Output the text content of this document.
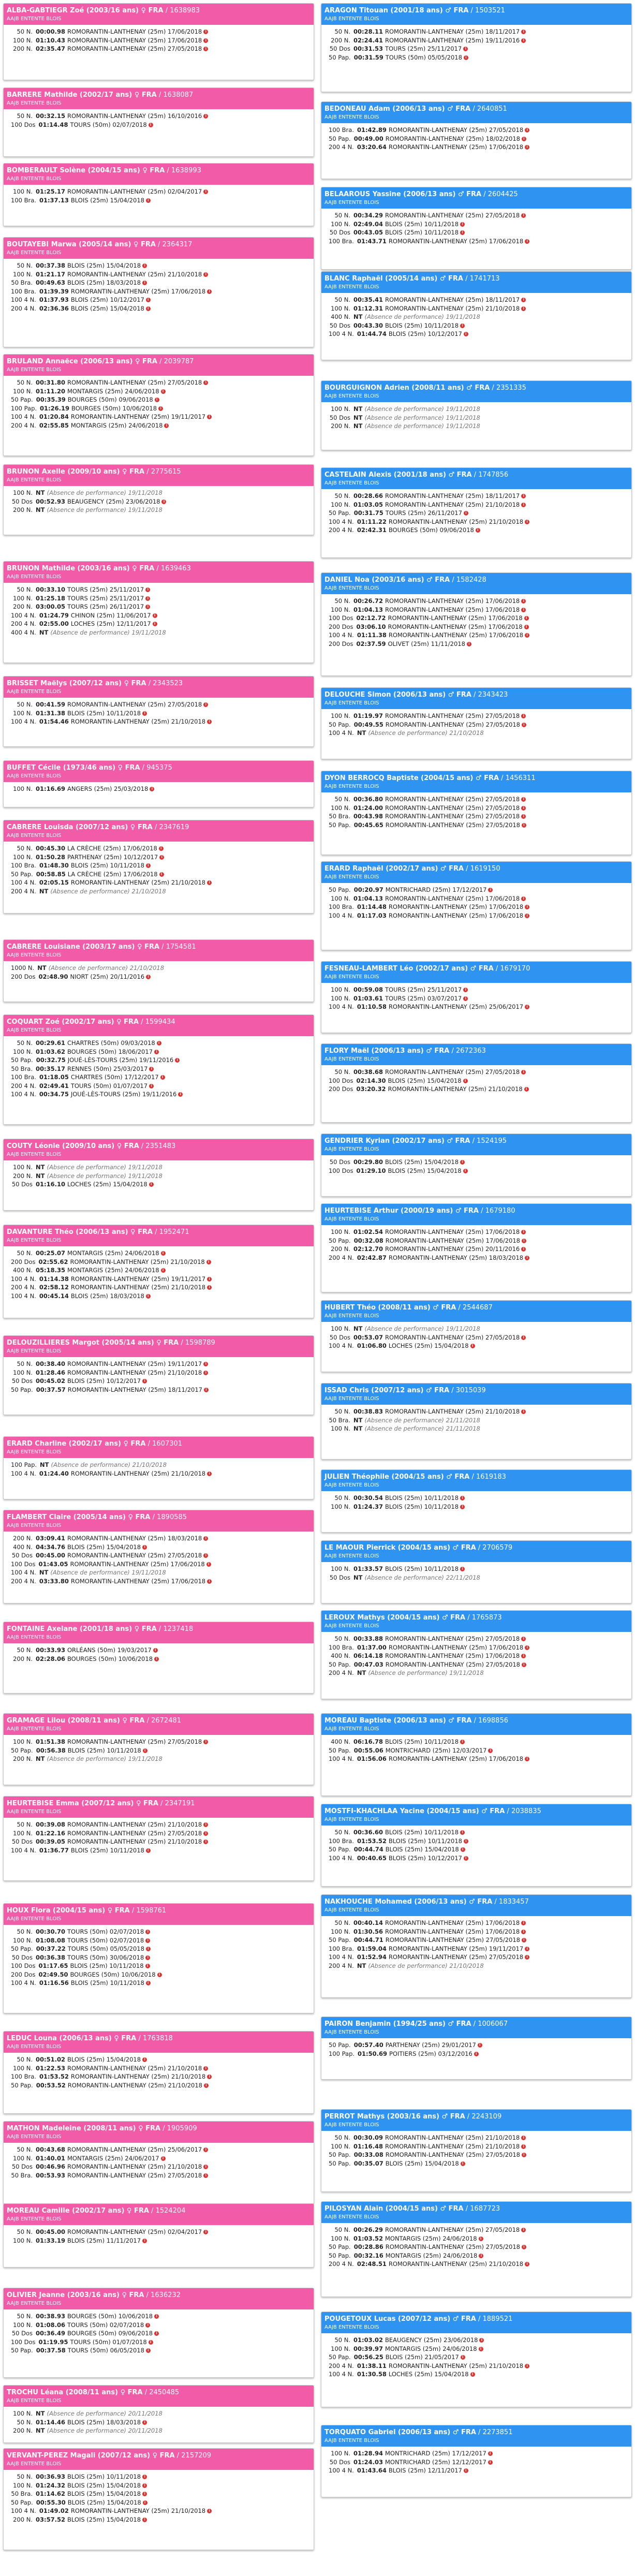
ALBA-GABTIEGR Zoé (2003/16 ans) ♀ FRA / 1638983
AAJB ENTENTE BLOIS
50 N. 00:00.98 ROMORANTIN-LANTHENAY (25m) 17/06/2018 i
100 N. 01:10.43 ROMORANTIN-LANTHENAY (25m) 17/06/2018 i
200 N. 02:35.47 ROMORANTIN-LANTHENAY (25m) 27/05/2018 i
BARRERE Mathilde (2002/17 ans) ♀ FRA / 1638087
AAJB ENTENTE BLOIS
50 N. 00:32.15 ROMORANTIN-LANTHENAY (25m) 16/10/2016 i
100 Dos 01:14.48 TOURS (50m) 02/07/2018 i
BOMBERAULT Solène (2004/15 ans) ♀ FRA / 1638993
AAJB ENTENTE BLOIS
100 N. 01:25.17 ROMORANTIN-LANTHENAY (25m) 02/04/2017 i
100 Bra. 01:37.13 BLOIS (25m) 15/04/2018 i
BOUTAYEBI Marwa (2005/14 ans) ♀ FRA / 2364317
AAJB ENTENTE BLOIS
50 N. 00:37.38 BLOIS (25m) 15/04/2018 i
100 N. 01:21.17 ROMORANTIN-LANTHENAY (25m) 21/10/2018 i
50 Bra. 00:49.63 BLOIS (25m) 18/03/2018 i
100 Bra. 01:39.39 ROMORANTIN-LANTHENAY (25m) 17/06/2018 i
100 4 N. 01:37.93 BLOIS (25m) 10/12/2017 i
200 4 N. 02:36.36 BLOIS (25m) 15/04/2018 i
BRULAND Annaëce (2006/13 ans) ♀ FRA / 2039787
AAJB ENTENTE BLOIS
50 N. 00:31.80 ROMORANTIN-LANTHENAY (25m) 27/05/2018 i
100 N. 01:11.20 MONTARGIS (25m) 24/06/2018 i
50 Pap. 00:35.39 BOURGES (50m) 09/06/2018 i
100 Pap. 01:26.19 BOURGES (50m) 10/06/2018 i
100 4 N. 01:20.84 ROMORANTIN-LANTHENAY (25m) 19/11/2017 i
200 4 N. 02:55.85 MONTARGIS (25m) 24/06/2018 i
BRUNON Axelle (2009/10 ans) ♀ FRA / 2775615
AAJB ENTENTE BLOIS
100 N. NT (Absence de performance) 19/11/2018
50 Dos 00:52.93 BEAUGENCY (25m) 23/06/2018 i
200 N. NT (Absence de performance) 19/11/2018
BRUNON Mathilde (2003/16 ans) ♀ FRA / 1639463
AAJB ENTENTE BLOIS
50 N. 00:33.10 TOURS (25m) 25/11/2017 i
100 N. 01:25.18 TOURS (25m) 25/11/2017 i
200 N. 03:00.05 TOURS (25m) 26/11/2017 i
100 4 N. 01:24.79 CHINON (25m) 11/06/2017 i
200 4 N. 02:55.00 LOCHES (25m) 12/11/2017 i
400 4 N. NT (Absence de performance) 19/11/2018
BRISSET Maëlys (2007/12 ans) ♀ FRA / 2343523
AAJB ENTENTE BLOIS
50 N. 00:41.59 ROMORANTIN-LANTHENAY (25m) 27/05/2018 i
100 N. 01:31.38 BLOIS (25m) 10/11/2018 i
100 4 N. 01:54.46 ROMORANTIN-LANTHENAY (25m) 21/10/2018 i
BUFFET Cécile (1973/46 ans) ♀ FRA / 945375
AAJB ENTENTE BLOIS
100 N. 01:16.69 ANGERS (25m) 25/03/2018 i
CABRERE Louisda (2007/12 ans) ♀ FRA / 2347619
AAJB ENTENTE BLOIS
50 N. 00:45.30 LA CRÈCHE (25m) 17/06/2018 i
100 N. 01:50.28 PARTHENAY (25m) 10/12/2017 i
100 Bra. 01:48.30 BLOIS (25m) 10/11/2018 i
50 Pap. 00:58.85 LA CRÈCHE (25m) 17/06/2018 i
100 4 N. 02:05.15 ROMORANTIN-LANTHENAY (25m) 21/10/2018 i
200 4 N. NT (Absence de performance) 21/10/2018
CABRERE Louisiane (2003/17 ans) ♀ FRA / 1754581
AAJB ENTENTE BLOIS
1000 N. NT (Absence de performance) 21/10/2018
200 Dos 02:48.90 NIORT (25m) 20/11/2016 i
COQUART Zoé (2002/17 ans) ♀ FRA / 1599434
AAJB ENTENTE BLOIS
50 N. 00:29.61 CHARTRES (50m) 09/03/2018 i
100 N. 01:03.62 BOURGES (50m) 18/06/2017 i
50 Pap. 00:32.75 JOUÉ-LÈS-TOURS (25m) 19/11/2016 i
50 Bra. 00:35.17 RENNES (50m) 25/03/2017 i
100 Bra. 01:18.05 CHARTRES (50m) 17/12/2017 i
200 4 N. 02:49.41 TOURS (50m) 01/07/2017 i
100 4 N. 00:34.75 JOUÉ-LÈS-TOURS (25m) 19/11/2016 i
COUTY Léonie (2009/10 ans) ♀ FRA / 2351483
AAJB ENTENTE BLOIS
100 N. NT (Absence de performance) 19/11/2018
200 N. NT (Absence de performance) 19/11/2018
50 Dos 01:16.10 LOCHES (25m) 15/04/2018 i
DAVANTURE Théo (2006/13 ans) ♀ FRA / 1952471
AAJB ENTENTE BLOIS
50 N. 00:25.07 MONTARGIS (25m) 24/06/2018 i
200 Dos 02:55.62 ROMORANTIN-LANTHENAY (25m) 21/10/2018 i
400 N. 05:18.35 MONTARGIS (25m) 24/06/2018 i
100 4 N. 01:14.38 ROMORANTIN-LANTHENAY (25m) 19/11/2017 i
200 4 N. 02:58.12 ROMORANTIN-LANTHENAY (25m) 21/10/2018 i
100 4 N. 00:45.14 BLOIS (25m) 18/03/2018 i
DELOUZILLIERES Margot (2005/14 ans) ♀ FRA / 1598789
AAJB ENTENTE BLOIS
50 N. 00:38.40 ROMORANTIN-LANTHENAY (25m) 19/11/2017 i
100 N. 01:28.46 ROMORANTIN-LANTHENAY (25m) 21/10/2018 i
50 Dos 00:45.02 BLOIS (25m) 10/12/2017 i
50 Pap. 00:37.57 ROMORANTIN-LANTHENAY (25m) 18/11/2017 i
ERARD Charline (2002/17 ans) ♀ FRA / 1607301
AAJB ENTENTE BLOIS
100 Pap. NT (Absence de performance) 21/10/2018
100 4 N. 01:24.40 ROMORANTIN-LANTHENAY (25m) 21/10/2018 i
FLAMBERT Claire (2005/14 ans) ♀ FRA / 1890585
AAJB ENTENTE BLOIS
200 N. 03:09.41 ROMORANTIN-LANTHENAY (25m) 18/03/2018 i
400 N. 04:34.76 BLOIS (25m) 15/04/2018 i
50 Dos 00:45.00 ROMORANTIN-LANTHENAY (25m) 27/05/2018 i
100 Dos 01:43.05 ROMORANTIN-LANTHENAY (25m) 17/06/2018 i
100 4 N. NT (Absence de performance) 19/11/2018
200 4 N. 03:33.80 ROMORANTIN-LANTHENAY (25m) 17/06/2018 i
FONTAINE Axelane (2001/18 ans) ♀ FRA / 1237418
AAJB ENTENTE BLOIS
50 N. 00:33.93 ORLÉANS (50m) 19/03/2017 i
200 N. 02:28.06 BOURGES (50m) 10/06/2018 i
GRAMAGE Lilou (2008/11 ans) ♀ FRA / 2672481
AAJB ENTENTE BLOIS
100 N. 01:51.38 ROMORANTIN-LANTHENAY (25m) 27/05/2018 i
50 Pap. 00:56.38 BLOIS (25m) 10/11/2018 i
200 N. NT (Absence de performance) 19/11/2018
HEURTEBISE Emma (2007/12 ans) ♀ FRA / 2347191
AAJB ENTENTE BLOIS
50 N. 00:39.08 ROMORANTIN-LANTHENAY (25m) 21/10/2018 i
100 N. 01:22.16 ROMORANTIN-LANTHENAY (25m) 27/05/2018 i
50 Dos 00:39.05 ROMORANTIN-LANTHENAY (25m) 21/10/2018 i
100 4 N. 01:36.77 BLOIS (25m) 10/11/2018 i
HOUX Flora (2004/15 ans) ♀ FRA / 1598761
AAJB ENTENTE BLOIS
50 N. 00:30.70 TOURS (50m) 02/07/2018 i
100 N. 01:08.08 TOURS (50m) 02/07/2018 i
50 Pap. 00:37.22 TOURS (50m) 05/05/2018 i
50 Dos 00:36.38 TOURS (50m) 30/06/2018 i
100 Dos 01:17.65 BLOIS (25m) 10/11/2018 i
200 Dos 02:49.50 BOURGES (50m) 10/06/2018 i
100 4 N. 01:16.56 BLOIS (25m) 10/11/2018 i
LEDUC Louna (2006/13 ans) ♀ FRA / 1763818
AAJB ENTENTE BLOIS
50 N. 00:51.02 BLOIS (25m) 15/04/2018 i
100 N. 01:22.53 ROMORANTIN-LANTHENAY (25m) 21/10/2018 i
100 Bra. 01:53.52 ROMORANTIN-LANTHENAY (25m) 21/10/2018 i
50 Pap. 00:53.52 ROMORANTIN-LANTHENAY (25m) 21/10/2018 i
MATHON Madeleine (2008/11 ans) ♀ FRA / 1905909
AAJB ENTENTE BLOIS
50 N. 00:43.68 ROMORANTIN-LANTHENAY (25m) 25/06/2017 i
100 N. 01:40.01 MONTARGIS (25m) 24/06/2017 i
50 Dos 00:46.96 ROMORANTIN-LANTHENAY (25m) 21/10/2018 i
50 Bra. 00:53.93 ROMORANTIN-LANTHENAY (25m) 27/05/2018 i
MOREAU Camille (2002/17 ans) ♀ FRA / 1524204
AAJB ENTENTE BLOIS
50 N. 00:45.00 ROMORANTIN-LANTHENAY (25m) 02/04/2017 i
100 N. 01:33.19 BLOIS (25m) 11/11/2017 i
OLIVIER Jeanne (2003/16 ans) ♀ FRA / 1636232
AAJB ENTENTE BLOIS
50 N. 00:38.93 BOURGES (50m) 10/06/2018 i
100 N. 01:08.06 TOURS (50m) 02/07/2018 i
50 Dos 00:36.49 BOURGES (50m) 09/06/2018 i
100 Dos 01:19.95 TOURS (50m) 01/07/2018 i
50 Pap. 00:37.58 TOURS (50m) 06/05/2018 i
TROCHU Léana (2008/11 ans) ♀ FRA / 2450485
AAJB ENTENTE BLOIS
100 N. NT (Absence de performance) 20/11/2018
50 N. 01:14.46 BLOIS (25m) 18/03/2018 i
200 N. NT (Absence de performance) 20/11/2018
VERVANT-PEREZ Magali (2007/12 ans) ♀ FRA / 2157209
AAJB ENTENTE BLOIS
50 N. 00:36.93 BLOIS (25m) 10/11/2018 i
100 N. 01:24.32 BLOIS (25m) 15/04/2018 i
50 Bra. 01:14.62 BLOIS (25m) 15/04/2018 i
50 Pap. 00:55.30 BLOIS (25m) 15/04/2018 i
100 4 N. 01:49.02 ROMORANTIN-LANTHENAY (25m) 21/10/2018 i
200 N. 03:57.52 BLOIS (25m) 15/04/2018 i
ARAGON Titouan (2001/18 ans) ♂ FRA / 1503521
AAJB ENTENTE BLOIS
50 N. 00:28.11 ROMORANTIN-LANTHENAY (25m) 18/11/2017 i
200 N. 02:24.41 ROMORANTIN-LANTHENAY (25m) 19/11/2016 i
50 Dos 00:31.53 TOURS (25m) 25/11/2017 i
50 Pap. 00:31.59 TOURS (50m) 05/05/2018 i
BEDONEAU Adam (2006/13 ans) ♂ FRA / 2640851
AAJB ENTENTE BLOIS
100 Bra. 01:42.89 ROMORANTIN-LANTHENAY (25m) 27/05/2018 i
50 Pap. 00:49.00 ROMORANTIN-LANTHENAY (25m) 18/02/2018 i
200 4 N. 03:20.64 ROMORANTIN-LANTHENAY (25m) 17/06/2018 i
BELAAROUS Yassine (2006/13 ans) ♂ FRA / 2604425
AAJB ENTENTE BLOIS
50 N. 00:34.29 ROMORANTIN-LANTHENAY (25m) 27/05/2018 i
100 N. 02:49.04 BLOIS (25m) 10/11/2018 i
50 Dos 00:43.05 BLOIS (25m) 10/11/2018 i
100 Bra. 01:43.71 ROMORANTIN-LANTHENAY (25m) 17/06/2018 i
BLANC Raphaël (2005/14 ans) ♂ FRA / 1741713
AAJB ENTENTE BLOIS
50 N. 00:35.41 ROMORANTIN-LANTHENAY (25m) 18/11/2017 i
100 N. 01:12.31 ROMORANTIN-LANTHENAY (25m) 21/10/2018 i
400 N. NT (Absence de performance) 19/11/2018
50 Dos 00:43.30 BLOIS (25m) 10/11/2018 i
100 4 N. 01:44.74 BLOIS (25m) 10/12/2017 i
BOURGUIGNON Adrien (2008/11 ans) ♂ FRA / 2351335
AAJB ENTENTE BLOIS
100 N. NT (Absence de performance) 19/11/2018
50 Dos NT (Absence de performance) 19/11/2018
200 N. NT (Absence de performance) 19/11/2018
CASTELAIN Alexis (2001/18 ans) ♂ FRA / 1747856
AAJB ENTENTE BLOIS
50 N. 00:28.66 ROMORANTIN-LANTHENAY (25m) 18/11/2017 i
100 N. 01:03.05 ROMORANTIN-LANTHENAY (25m) 21/10/2018 i
50 Pap. 00:31.75 TOURS (25m) 26/11/2017 i
100 4 N. 01:11.22 ROMORANTIN-LANTHENAY (25m) 21/10/2018 i
200 4 N. 02:42.31 BOURGES (50m) 09/06/2018 i
DANIEL Noa (2003/16 ans) ♂ FRA / 1582428
AAJB ENTENTE BLOIS
50 N. 00:26.72 ROMORANTIN-LANTHENAY (25m) 17/06/2018 i
100 N. 01:04.13 ROMORANTIN-LANTHENAY (25m) 17/06/2018 i
100 Dos 02:12.72 ROMORANTIN-LANTHENAY (25m) 17/06/2018 i
200 Dos 03:06.10 ROMORANTIN-LANTHENAY (25m) 17/06/2018 i
100 4 N. 01:11.38 ROMORANTIN-LANTHENAY (25m) 17/06/2018 i
200 Dos 02:37.59 OLIVET (25m) 11/11/2018 i
DELOUCHE Simon (2006/13 ans) ♂ FRA / 2343423
AAJB ENTENTE BLOIS
100 N. 01:19.97 ROMORANTIN-LANTHENAY (25m) 27/05/2018 i
50 Pap. 00:49.55 ROMORANTIN-LANTHENAY (25m) 27/05/2018 i
100 4 N. NT (Absence de performance) 21/10/2018
DYON BERROCQ Baptiste (2004/15 ans) ♂ FRA / 1456311
AAJB ENTENTE BLOIS
50 N. 00:36.80 ROMORANTIN-LANTHENAY (25m) 27/05/2018 i
100 N. 01:24.00 ROMORANTIN-LANTHENAY (25m) 27/05/2018 i
50 Bra. 00:43.98 ROMORANTIN-LANTHENAY (25m) 27/05/2018 i
50 Pap. 00:45.65 ROMORANTIN-LANTHENAY (25m) 27/05/2018 i
ERARD Raphaël (2002/17 ans) ♂ FRA / 1619150
AAJB ENTENTE BLOIS
50 Pap. 00:20.97 MONTRICHARD (25m) 17/12/2017 i
100 N. 01:04.13 ROMORANTIN-LANTHENAY (25m) 17/06/2018 i
100 Bra. 01:14.48 ROMORANTIN-LANTHENAY (25m) 17/06/2018 i
100 4 N. 01:17.03 ROMORANTIN-LANTHENAY (25m) 17/06/2018 i
FESNEAU-LAMBERT Léo (2002/17 ans) ♂ FRA / 1679170
AAJB ENTENTE BLOIS
100 N. 00:59.08 TOURS (25m) 25/11/2017 i
100 N. 01:03.61 TOURS (25m) 03/07/2017 i
100 4 N. 01:10.58 ROMORANTIN-LANTHENAY (25m) 25/06/2017 i
FLORY Maël (2006/13 ans) ♂ FRA / 2672363
AAJB ENTENTE BLOIS
50 N. 00:38.68 ROMORANTIN-LANTHENAY (25m) 27/05/2018 i
100 Dos 02:14.30 BLOIS (25m) 15/04/2018 i
200 Dos 03:20.32 ROMORANTIN-LANTHENAY (25m) 21/10/2018 i
GENDRIER Kyrian (2002/17 ans) ♂ FRA / 1524195
AAJB ENTENTE BLOIS
50 Dos 00:29.80 BLOIS (25m) 15/04/2018 i
100 Dos 01:29.10 BLOIS (25m) 15/04/2018 i
HEURTEBISE Arthur (2000/19 ans) ♂ FRA / 1679180
AAJB ENTENTE BLOIS
100 N. 01:02.54 ROMORANTIN-LANTHENAY (25m) 17/06/2018 i
50 Pap. 00:32.08 ROMORANTIN-LANTHENAY (25m) 17/06/2018 i
200 N. 02:12.70 ROMORANTIN-LANTHENAY (25m) 20/11/2016 i
200 4 N. 02:42.87 ROMORANTIN-LANTHENAY (25m) 18/03/2018 i
HUBERT Théo (2008/11 ans) ♂ FRA / 2544687
AAJB ENTENTE BLOIS
100 N. NT (Absence de performance) 19/11/2018
50 Dos 00:53.07 ROMORANTIN-LANTHENAY (25m) 27/05/2018 i
100 4 N. 01:06.80 LOCHES (25m) 15/04/2018 i
ISSAD Chris (2007/12 ans) ♂ FRA / 3015039
AAJB ENTENTE BLOIS
50 N. 00:38.83 ROMORANTIN-LANTHENAY (25m) 21/10/2018 i
50 Bra. NT (Absence de performance) 21/11/2018
100 N. NT (Absence de performance) 21/11/2018
JULIEN Théophile (2004/15 ans) ♂ FRA / 1619183
AAJB ENTENTE BLOIS
50 N. 00:30.54 BLOIS (25m) 10/11/2018 i
100 N. 01:24.37 BLOIS (25m) 10/11/2018 i
LE MAOUR Pierrick (2004/15 ans) ♂ FRA / 2706579
AAJB ENTENTE BLOIS
100 N. 01:33.57 BLOIS (25m) 10/11/2018 i
50 Dos NT (Absence de performance) 22/11/2018
LEROUX Mathys (2004/15 ans) ♂ FRA / 1765873
AAJB ENTENTE BLOIS
50 N. 00:33.88 ROMORANTIN-LANTHENAY (25m) 27/05/2018 i
100 Bra. 01:37.00 ROMORANTIN-LANTHENAY (25m) 17/06/2018 i
400 N. 06:14.18 ROMORANTIN-LANTHENAY (25m) 17/06/2018 i
50 Pap. 00:47.03 ROMORANTIN-LANTHENAY (25m) 27/05/2018 i
200 4 N. NT (Absence de performance) 19/11/2018
MOREAU Baptiste (2006/13 ans) ♂ FRA / 1698856
AAJB ENTENTE BLOIS
400 N. 06:16.78 BLOIS (25m) 10/11/2018 i
50 Pap. 00:55.06 MONTRICHARD (25m) 12/03/2017 i
100 4 N. 01:56.06 ROMORANTIN-LANTHENAY (25m) 17/06/2018 i
MOSTFI-KHACHLAA Yacine (2004/15 ans) ♂ FRA / 2038835
AAJB ENTENTE BLOIS
50 N. 00:36.60 BLOIS (25m) 10/11/2018 i
100 Bra. 01:53.52 BLOIS (25m) 10/11/2018 i
50 Pap. 00:44.74 BLOIS (25m) 15/04/2018 i
100 4 N. 00:40.65 BLOIS (25m) 10/12/2017 i
NAKHOUCHE Mohamed (2006/13 ans) ♂ FRA / 1833457
AAJB ENTENTE BLOIS
50 N. 00:40.14 ROMORANTIN-LANTHENAY (25m) 17/06/2018 i
100 N. 01:30.56 ROMORANTIN-LANTHENAY (25m) 17/06/2018 i
50 Pap. 00:44.71 ROMORANTIN-LANTHENAY (25m) 27/05/2018 i
100 Bra. 01:59.04 ROMORANTIN-LANTHENAY (25m) 19/11/2017 i
100 4 N. 01:52.94 ROMORANTIN-LANTHENAY (25m) 27/05/2018 i
200 4 N. NT (Absence de performance) 21/10/2018
PAIRON Benjamin (1994/25 ans) ♂ FRA / 1006067
AAJB ENTENTE BLOIS
50 Pap. 00:57.40 PARTHENAY (25m) 29/01/2017 i
100 Pap. 01:50.69 POITIERS (25m) 03/12/2016 i
PERROT Mathys (2003/16 ans) ♂ FRA / 2243109
AAJB ENTENTE BLOIS
50 N. 00:30.09 ROMORANTIN-LANTHENAY (25m) 21/10/2018 i
100 N. 01:16.48 ROMORANTIN-LANTHENAY (25m) 21/10/2018 i
50 Pap. 00:33.08 ROMORANTIN-LANTHENAY (25m) 27/05/2018 i
50 Pap. 00:35.07 BLOIS (25m) 15/04/2018 i
PILOSYAN Alain (2004/15 ans) ♂ FRA / 1687723
AAJB ENTENTE BLOIS
50 N. 00:26.29 ROMORANTIN-LANTHENAY (25m) 27/05/2018 i
100 N. 01:03.52 MONTARGIS (25m) 24/06/2018 i
50 Pap. 00:28.86 ROMORANTIN-LANTHENAY (25m) 27/05/2018 i
50 Pap. 00:32.16 MONTARGIS (25m) 24/06/2018 i
200 4 N. 02:48.51 ROMORANTIN-LANTHENAY (25m) 21/10/2018 i
POUGETOUX Lucas (2007/12 ans) ♂ FRA / 1889521
AAJB ENTENTE BLOIS
50 N. 01:03.02 BEAUGENCY (25m) 23/06/2018 i
100 N. 00:39.97 MONTARGIS (25m) 24/06/2018 i
50 Pap. 00:56.25 BLOIS (25m) 21/05/2017 i
200 4 N. 01:38.11 ROMORANTIN-LANTHENAY (25m) 21/10/2018 i
100 4 N. 01:30.58 LOCHES (25m) 15/04/2018 i
TORQUATO Gabriel (2006/13 ans) ♂ FRA / 2273851
AAJB ENTENTE BLOIS
100 N. 01:28.94 MONTRICHARD (25m) 17/12/2017 i
50 Dos 01:24.03 MONTRICHARD (25m) 12/12/2017 i
100 4 N. 01:43.64 BLOIS (25m) 12/11/2017 i
